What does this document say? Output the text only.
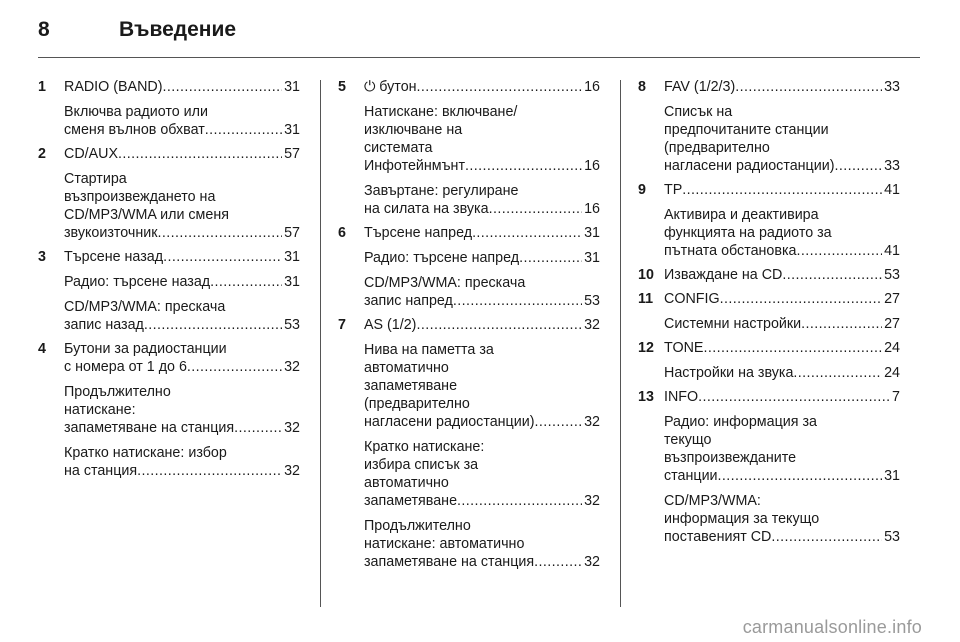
8	Въведение
1	RADIO (BAND) .....	31
Включва радиото или
сменя вълнов обхват .....	31
2	CD/AUX .....	57
Стартира
възпроизвеждането на
CD/MP3/WMA или сменя
звукоизточник .....	57
3	Търсене назад .....	31
Радио: търсене назад .....	31
CD/MP3/WMA: прескача
запис назад .....	53
4	Бутони за радиостанции
с номера от 1 до 6 .....	32
Продължително
натискане:
запаметяване на станция .....	32
Кратко натискане: избор
на станция .....	32
5	⏻ бутон .....	16
Натискане: включване/
изключване на
системата
Инфотейнмънт .....	16
Завъртане: регулиране
на силата на звука .....	16
6	Търсене напред .....	31
Радио: търсене напред .....	31
CD/MP3/WMA: прескача
запис напред .....	53
7	AS (1/2) .....	32
Нива на паметта за
автоматично
запаметяване
(предварително
нагласени радиостанции) .....	32
Кратко натискане:
избира списък за
автоматично
запаметяване .....	32
Продължително
натискане: автоматично
запаметяване на станция .....	32
8	FAV (1/2/3) .....	33
Списък на
предпочитаните станции
(предварително
нагласени радиостанции) .....	33
9	TP .....	41
Активира и деактивира
функцията на радиото за
пътната обстановка .....	41
10 Изваждане на CD .....	53
11 CONFIG .....	27
Системни настройки .....	27
12 TONE .....	24
Настройки на звука .....	24
13 INFO .....	7
Радио: информация за
текущо
възпроизвежданите
станции .....	31
CD/MP3/WMA:
информация за текущо
поставеният CD .....	53
carmanualsonline.info
